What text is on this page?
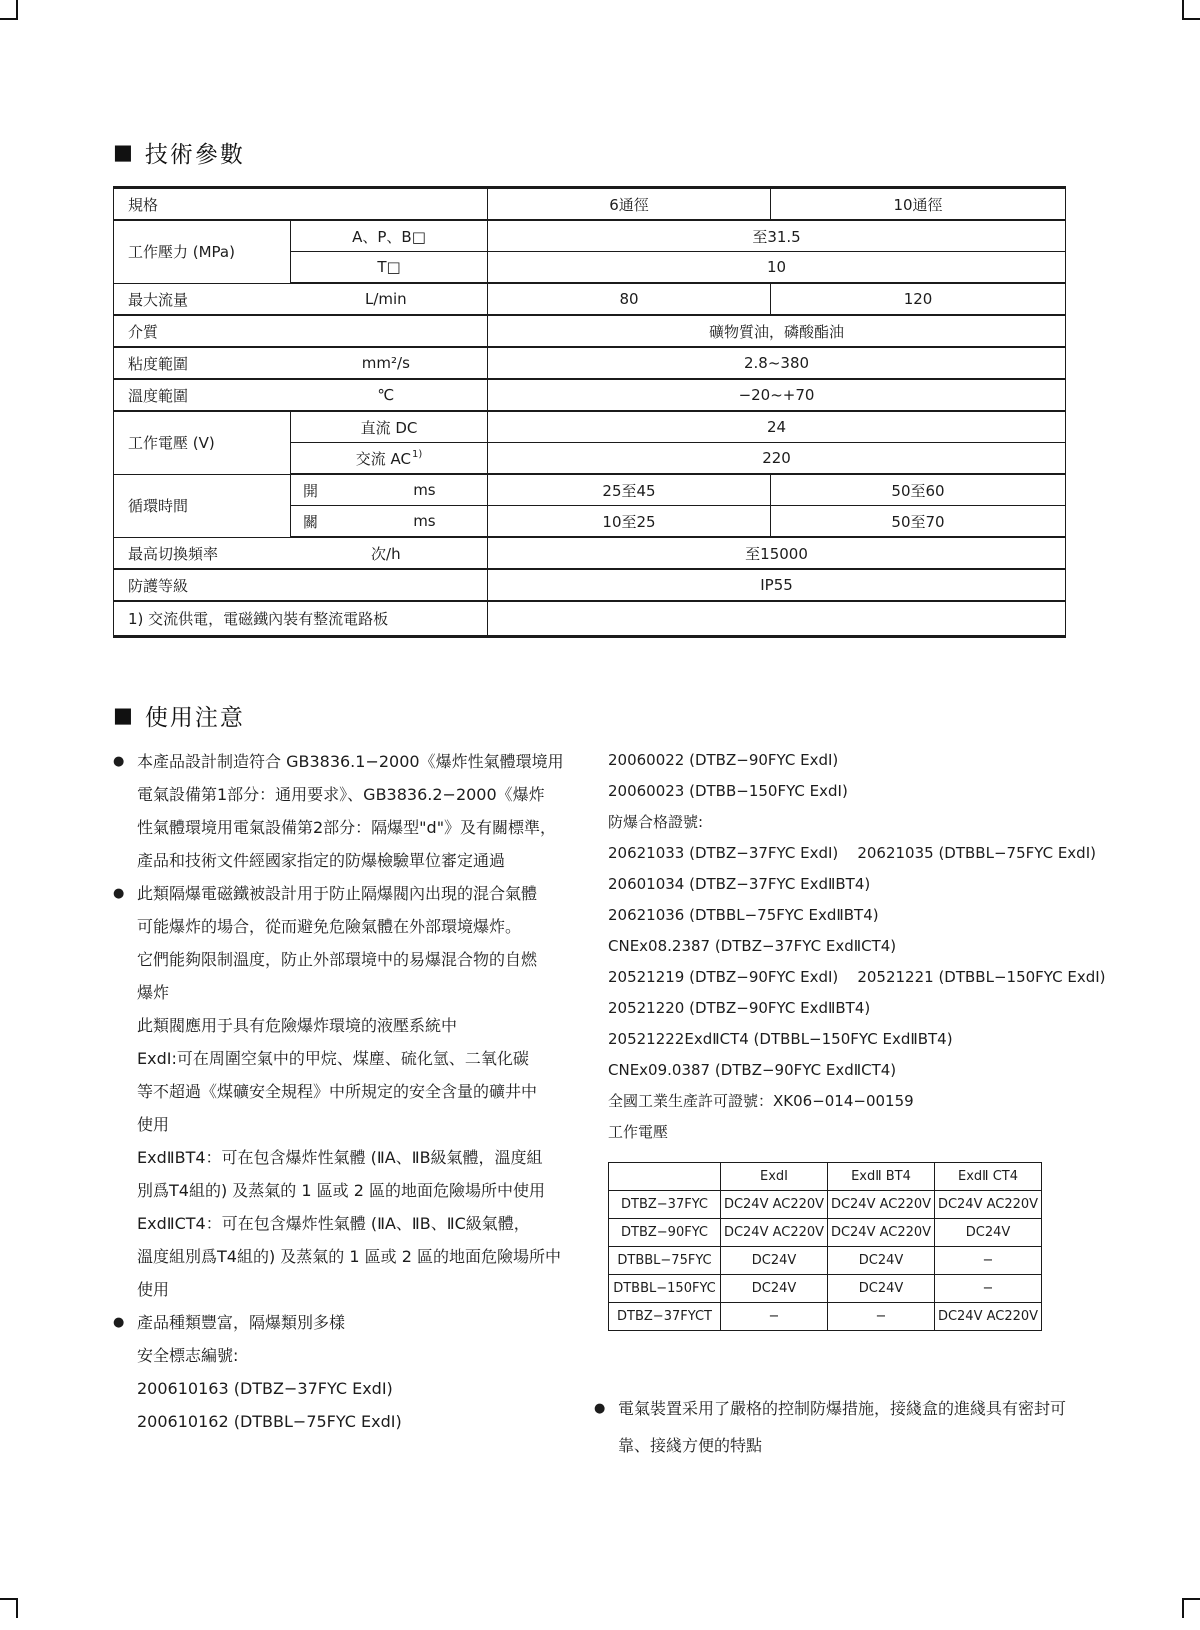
■ 技術參數
規格		6通徑	10通徑
工作壓力 (MPa)	A、P、B□	至31.5	
	T□	10	

最大流量 L/min		80	120
介質		礦物質油，磷酸酯油	

粘度範圍 mm²/s		2.8~380	

溫度範圍 ℃		−20~+70	
工作電壓 (V)	直流 DC	24	
	交流 AC$^{1)}$	220	
循環時間	開 ms	25至45	50至60

	關 ms	10至25	50至70

最高切換頻率 次/h		至15000	
防護等級		IP55	
1) 交流供電，電磁鐵內裝有整流電路板			
■ 使用注意
● 本產品設計制造符合 GB3836.1−2000《爆炸性氣體環境用
電氣設備第1部分：通用要求》、GB3836.2−2000《爆炸
性氣體環境用電氣設備第2部分：隔爆型"d"》及有關標準，
產品和技術文件經國家指定的防爆檢驗單位審定通過
● 此類隔爆電磁鐵被設計用于防止隔爆閥內出現的混合氣體
可能爆炸的場合，從而避免危險氣體在外部環境爆炸。
它們能夠限制溫度，防止外部環境中的易爆混合物的自燃
爆炸
此類閥應用于具有危險爆炸環境的液壓系統中
ExdⅠ:可在周圍空氣中的甲烷、煤塵、硫化氫、二氧化碳
等不超過《煤礦安全規程》中所規定的安全含量的礦井中
使用
ExdⅡBT4：可在包含爆炸性氣體 (ⅡA、ⅡB級氣體，溫度組
別爲T4組的) 及蒸氣的 1 區或 2 區的地面危險場所中使用
ExdⅡCT4：可在包含爆炸性氣體 (ⅡA、ⅡB、ⅡC級氣體，
溫度組別爲T4組的) 及蒸氣的 1 區或 2 區的地面危險場所中
使用
● 產品種類豐富，隔爆類別多樣
安全標志編號:
200610163 (DTBZ−37FYC ExdⅠ)
200610162 (DTBBL−75FYC ExdⅠ)
20060022 (DTBZ−90FYC ExdⅠ)
20060023 (DTBB−150FYC ExdⅠ)
防爆合格證號:
20621033 (DTBZ−37FYC ExdⅠ)    20621035 (DTBBL−75FYC ExdⅠ)
20601034 (DTBZ−37FYC ExdⅡBT4)
20621036 (DTBBL−75FYC ExdⅡBT4)
CNEx08.2387 (DTBZ−37FYC ExdⅡCT4)
20521219 (DTBZ−90FYC ExdⅠ)    20521221 (DTBBL−150FYC ExdⅠ)
20521220 (DTBZ−90FYC ExdⅡBT4)
20521222ExdⅡCT4 (DTBBL−150FYC ExdⅡBT4)
CNEx09.0387 (DTBZ−90FYC ExdⅡCT4)
全國工業生產許可證號：XK06−014−00159
工作電壓
	ExdⅠ	ExdⅡ BT4	ExdⅡ CT4
DTBZ−37FYC	DC24V AC220V	DC24V AC220V	DC24V AC220V
DTBZ−90FYC	DC24V AC220V	DC24V AC220V	DC24V
DTBBL−75FYC	DC24V	DC24V	−
DTBBL−150FYC	DC24V	DC24V	−
DTBZ−37FYCT	−	−	DC24V AC220V
● 電氣裝置采用了嚴格的控制防爆措施，接綫盒的進綫具有密封可
靠、接綫方便的特點
